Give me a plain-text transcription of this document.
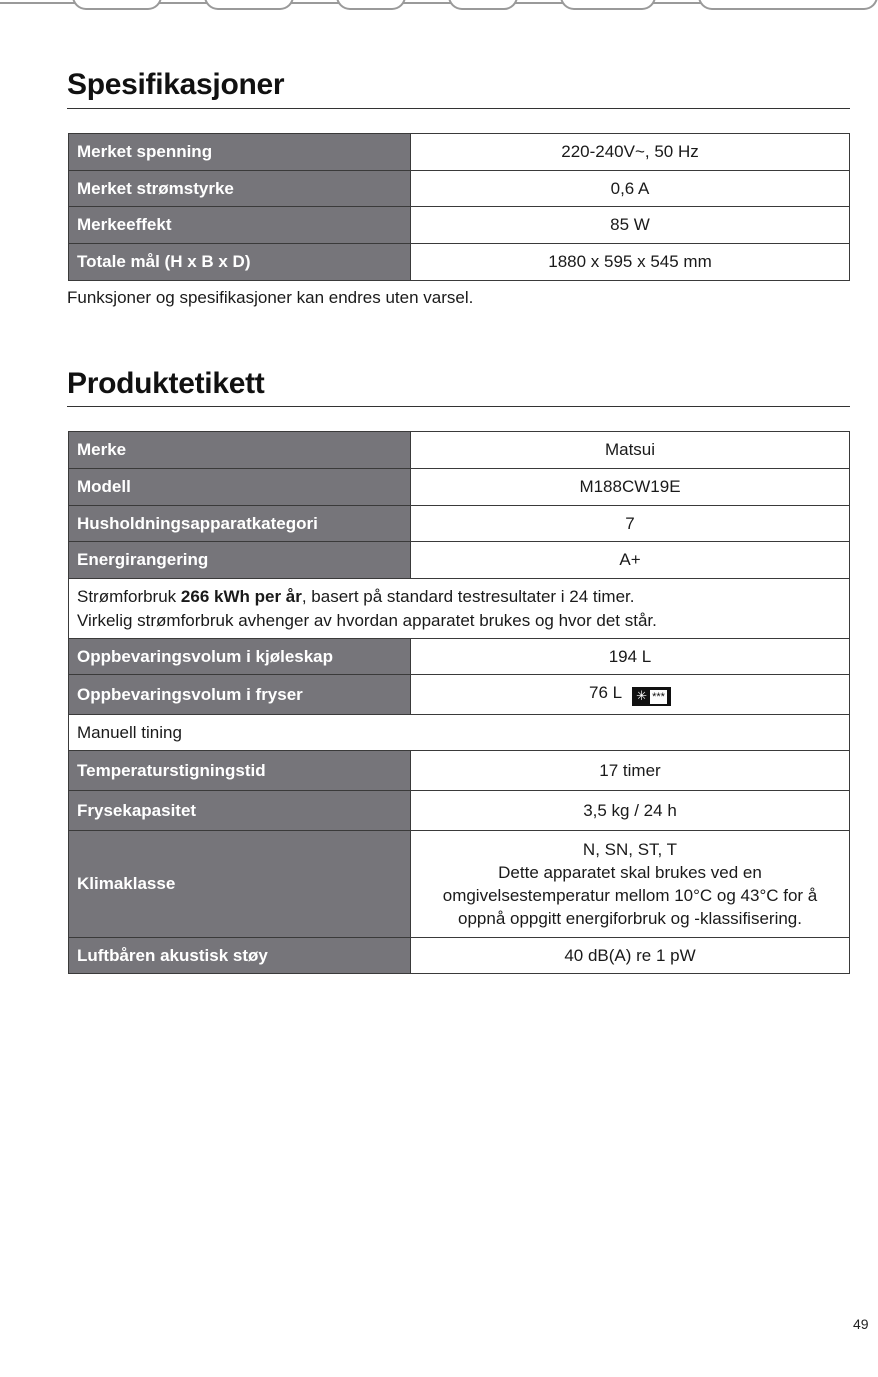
Spesifikasjoner
Merket spenning	220-240V~, 50 Hz
Merket strømstyrke	0,6 A
Merkeeffekt	85 W
Totale mål (H x B x D)	1880 x 595 x 545 mm
Funksjoner og spesifikasjoner kan endres uten varsel.
Produktetikett
Merke	Matsui
Modell	M188CW19E
Husholdningsapparatkategori	7
Energirangering	A+
Strømforbruk 266 kWh per år, basert på standard testresultater i 24 timer.
Virkelig strømforbruk avhenger av hvordan apparatet brukes og hvor det står.	
Oppbevaringsvolum i kjøleskap	194 L
Oppbevaringsvolum i fryser	76 L ✳ ***
Manuell tining	
Temperaturstigningstid	17 timer
Frysekapasitet	3,5 kg / 24 h
Klimaklasse	N, SN, ST, T
Dette apparatet skal brukes ved en
omgivelsestemperatur mellom 10°C og 43°C for å
oppnå oppgitt energiforbruk og -klassifisering.
Luftbåren akustisk støy	40 dB(A) re 1 pW
49
